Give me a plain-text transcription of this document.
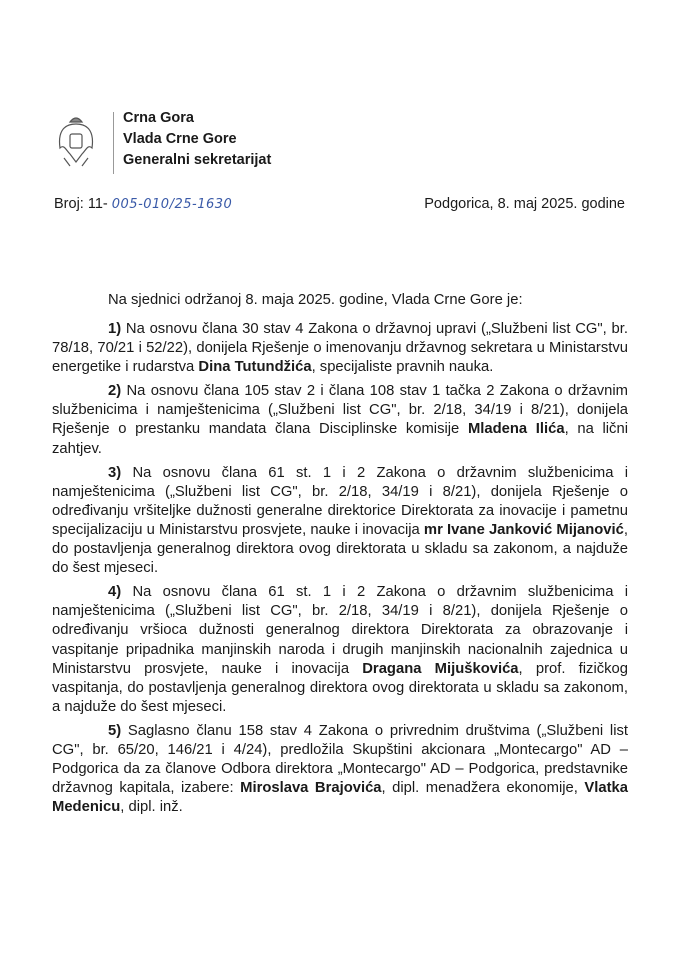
Crna Gora
Vlada Crne Gore
Generalni sekretarijat
Broj: 11- 005-010/25-1630	Podgorica, 8. maj 2025. godine
Na sjednici održanoj 8. maja 2025. godine, Vlada Crne Gore je:

1) Na osnovu člana 30 stav 4 Zakona o državnoj upravi („Službeni list CG", br. 78/18, 70/21 i 52/22), donijela Rješenje o imenovanju državnog sekretara u Ministarstvu energetike i rudarstva Dina Tutundžića, specijaliste pravnih nauka.

2) Na osnovu člana 105 stav 2 i člana 108 stav 1 tačka 2 Zakona o državnim službenicima i namještenicima („Službeni list CG", br. 2/18, 34/19 i 8/21), donijela Rješenje o prestanku mandata člana Disciplinske komisije Mladena Ilića, na lični zahtjev.

3) Na osnovu člana 61 st. 1 i 2 Zakona o državnim službenicima i namještenicima („Službeni list CG", br. 2/18, 34/19 i 8/21), donijela Rješenje o određivanju vršiteljke dužnosti generalne direktorice Direktorata za inovacije i pametnu specijalizaciju u Ministarstvu prosvjete, nauke i inovacija mr Ivane Janković Mijanović, do postavljenja generalnog direktora ovog direktorata u skladu sa zakonom, a najduže do šest mjeseci.

4) Na osnovu člana 61 st. 1 i 2 Zakona o državnim službenicima i namještenicima („Službeni list CG", br. 2/18, 34/19 i 8/21), donijela Rješenje o određivanju vršioca dužnosti generalnog direktora Direktorata za obrazovanje i vaspitanje pripadnika manjinskih naroda i drugih manjinskih nacionalnih zajednica u Ministarstvu prosvjete, nauke i inovacija Dragana Mijuškovića, prof. fizičkog vaspitanja, do postavljenja generalnog direktora ovog direktorata u skladu sa zakonom, a najduže do šest mjeseci.

5) Saglasno članu 158 stav 4 Zakona o privrednim društvima („Službeni list CG", br. 65/20, 146/21 i 4/24), predložila Skupštini akcionara „Montecargo" AD – Podgorica da za članove Odbora direktora „Montecargo" AD – Podgorica, predstavnike državnog kapitala, izabere: Miroslava Brajovića, dipl. menadžera ekonomije, Vlatka Medenicu, dipl. inž.
